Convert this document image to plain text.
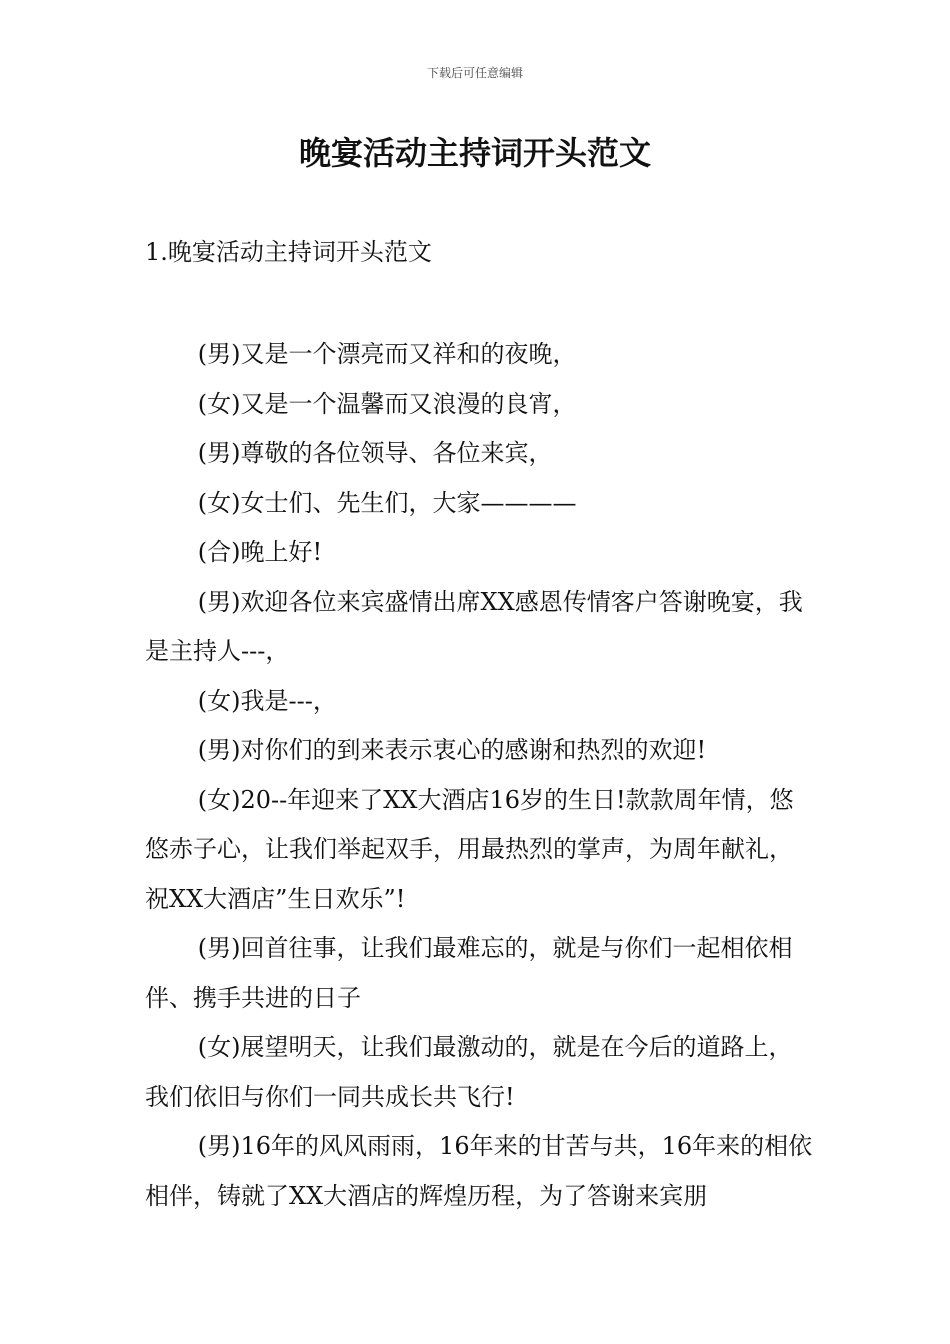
下载后可任意编辑
晚宴活动主持词开头范文
1.晚宴活动主持词开头范文

(男)又是一个漂亮而又祥和的夜晚，

(女)又是一个温馨而又浪漫的良宵，

(男)尊敬的各位领导、各位来宾，

(女)女士们、先生们，大家————

(合)晚上好!

(男)欢迎各位来宾盛情出席XX感恩传情客户答谢晚宴，我是主持人---，

(女)我是---，

(男)对你们的到来表示衷心的感谢和热烈的欢迎!

(女)20--年迎来了XX大酒店16岁的生日!款款周年情，悠悠赤子心，让我们举起双手，用最热烈的掌声，为周年献礼，祝XX大酒店”生日欢乐”!

(男)回首往事，让我们最难忘的，就是与你们一起相依相伴、携手共进的日子

(女)展望明天，让我们最激动的，就是在今后的道路上，我们依旧与你们一同共成长共飞行!

(男)16年的风风雨雨，16年来的甘苦与共，16年来的相依相伴，铸就了XX大酒店的辉煌历程，为了答谢来宾朋
